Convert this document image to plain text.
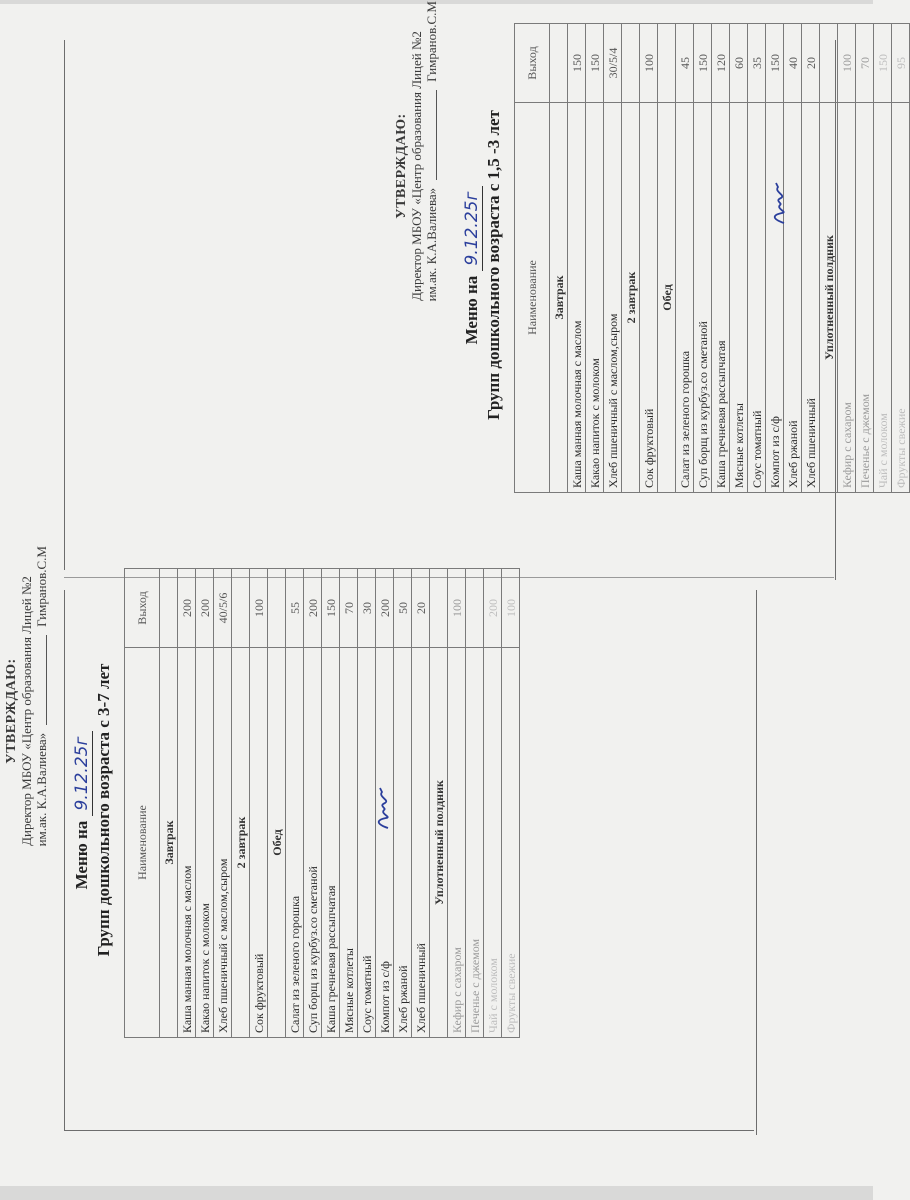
УТВЕРЖДАЮ: Директор МБОУ «Центр образования Лицей №2 им.ак. К.А.Валиева»
Гимранов.С.М
Меню на 9.12.25г Групп дошкольного возраста с 3-7 лет Наименование	Выход
Завтрак	
Каша манная молочная с маслом	200
Какао напиток с молоком	200
Хлеб пшеничный с маслом,сыром	40/5/6
2 завтрак	
Сок фруктовый	100
Обед	
Салат из зеленого горошка	55
Суп борщ из курбуз.со сметаной	200
Каша гречневая рассыпчатая	150
Мясные котлеты	70
Соус томатный	30
Компот из с/ф	200
Хлеб ржаной	50
Хлеб пшеничный	20
Уплотненный полдник	
Кефир с сахаром	100
Печенье с джемом	
Чай с молоком	200
Фрукты свежие	100
УТВЕРЖДАЮ: Директор МБОУ «Центр образования Лицей №2 им.ак. К.А.Валиева»
Гимранов.С.М
Меню на 9.12.25г Групп дошкольного возраста с 1,5 -3 лет Наименование	Выход
Завтрак	
Каша манная молочная с маслом	150
Какао напиток с молоком	150
Хлеб пшеничный с маслом,сыром	30/5/4
2 завтрак	
Сок фруктовый	100
Обед	
Салат из зеленого горошка	45
Суп борщ из курбуз.со сметаной	150
Каша гречневая рассыпчатая	120
Мясные котлеты	60
Соус томатный	35
Компот из с/ф	150
Хлеб ржаной	40
Хлеб пшеничный	20
Уплотненный полдник	
Кефир с сахаром	100
Печенье с джемом	70
Чай с молоком	150
Фрукты свежие	95
